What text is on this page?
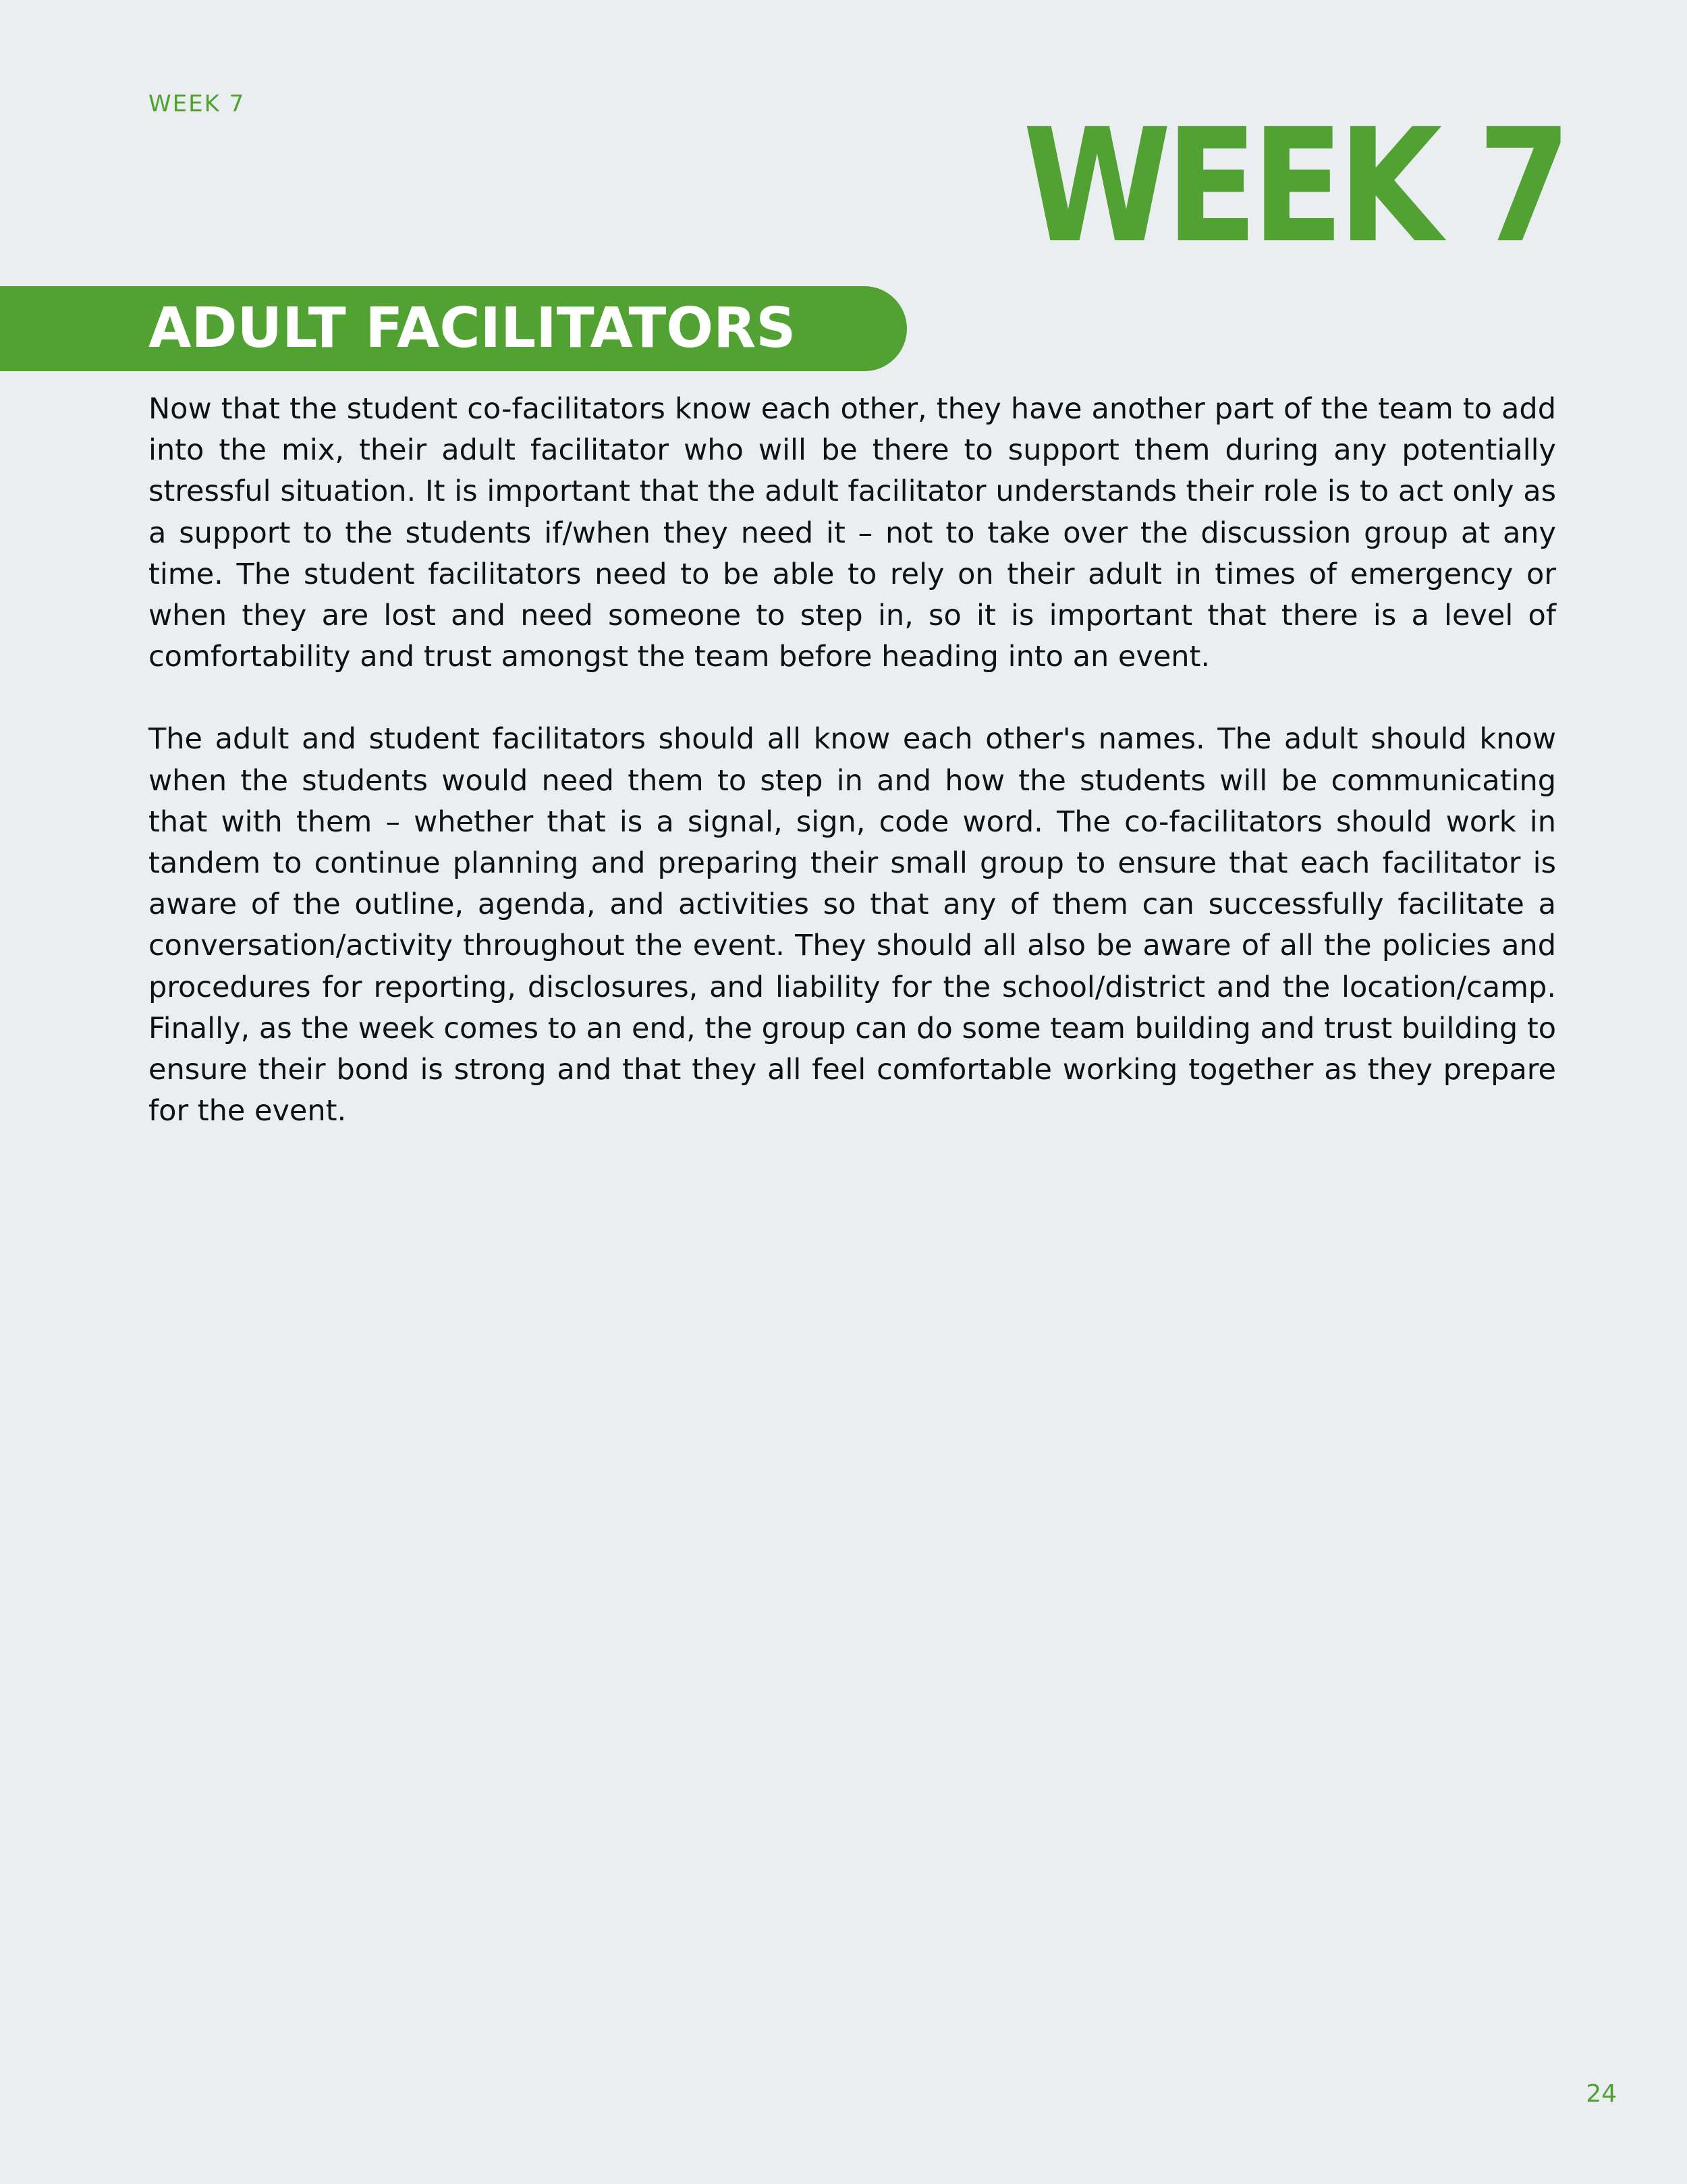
WEEK 7	WEEK 7
ADULT FACILITATORS

Now that the student co-facilitators know each other, they have another part of the team to add into the mix, their adult facilitator who will be there to support them during any potentially stressful situation. It is important that the adult facilitator understands their role is to act only as a support to the students if/when they need it – not to take over the discussion group at any time. The student facilitators need to be able to rely on their adult in times of emergency or when they are lost and need someone to step in, so it is important that there is a level of comfortability and trust amongst the team before heading into an event.

The adult and student facilitators should all know each other's names. The adult should know when the students would need them to step in and how the students will be communicating that with them – whether that is a signal, sign, code word. The co-facilitators should work in tandem to continue planning and preparing their small group to ensure that each facilitator is aware of the outline, agenda, and activities so that any of them can successfully facilitate a conversation/activity throughout the event. They should all also be aware of all the policies and procedures for reporting, disclosures, and liability for the school/district and the location/camp. Finally, as the week comes to an end, the group can do some team building and trust building to ensure their bond is strong and that they all feel comfortable working together as they prepare for the event.

24
